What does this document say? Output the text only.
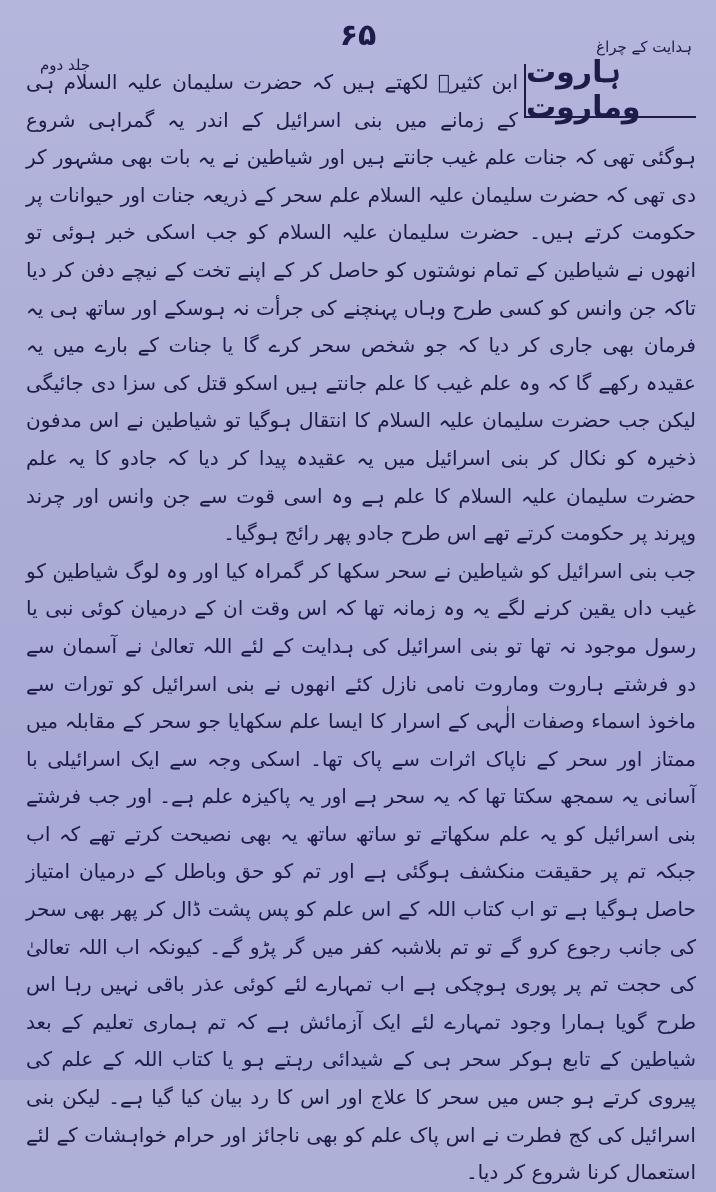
۶۵	ہدایت کے چراغ
جلد دوم	ہاروت وماروت

ابن کثیرؒ لکھتے ہیں کہ حضرت سلیمان علیہ السلام ہی کے زمانے میں بنی اسرائیل کے اندر یہ گمراہی شروع ہوگئی تھی کہ جنات علم غیب جانتے ہیں اور شیاطین نے یہ بات بھی مشہور کر دی تھی کہ حضرت سلیمان علیہ السلام علم سحر کے ذریعہ جنات اور حیوانات پر حکومت کرتے ہیں۔ حضرت سلیمان علیہ السلام کو جب اسکی خبر ہوئی تو انھوں نے شیاطین کے تمام نوشتوں کو حاصل کر کے اپنے تخت کے نیچے دفن کر دیا تاکہ جن وانس کو کسی طرح وہاں پہنچنے کی جرأت نہ ہوسکے اور ساتھ ہی یہ فرمان بھی جاری کر دیا کہ جو شخص سحر کرے گا یا جنات کے بارے میں یہ عقیدہ رکھے گا کہ وہ علم غیب کا علم جانتے ہیں اسکو قتل کی سزا دی جائیگی لیکن جب حضرت سلیمان علیہ السلام کا انتقال ہوگیا تو شیاطین نے اس مدفون ذخیرہ کو نکال کر بنی اسرائیل میں یہ عقیدہ پیدا کر دیا کہ جادو کا یہ علم حضرت سلیمان علیہ السلام کا علم ہے وہ اسی قوت سے جن وانس اور چرند وپرند پر حکومت کرتے تھے اس طرح جادو پھر رائج ہوگیا۔

جب بنی اسرائیل کو شیاطین نے سحر سکھا کر گمراہ کیا اور وہ لوگ شیاطین کو غیب داں یقین کرنے لگے یہ وہ زمانہ تھا کہ اس وقت ان کے درمیان کوئی نبی یا رسول موجود نہ تھا تو بنی اسرائیل کی ہدایت کے لئے اللہ تعالیٰ نے آسمان سے دو فرشتے ہاروت وماروت نامی نازل کئے انھوں نے بنی اسرائیل کو تورات سے ماخوذ اسماء وصفات الٰہی کے اسرار کا ایسا علم سکھایا جو سحر کے مقابلہ میں ممتاز اور سحر کے ناپاک اثرات سے پاک تھا۔ اسکی وجہ سے ایک اسرائیلی با آسانی یہ سمجھ سکتا تھا کہ یہ سحر ہے اور یہ پاکیزہ علم ہے۔ اور جب فرشتے بنی اسرائیل کو یہ علم سکھاتے تو ساتھ ساتھ یہ بھی نصیحت کرتے تھے کہ اب جبکہ تم پر حقیقت منکشف ہوگئی ہے اور تم کو حق وباطل کے درمیان امتیاز حاصل ہوگیا ہے تو اب کتاب اللہ کے اس علم کو پس پشت ڈال کر پھر بھی سحر کی جانب رجوع کرو گے تو تم بلاشبہ کفر میں گر پڑو گے۔ کیونکہ اب اللہ تعالیٰ کی حجت تم پر پوری ہوچکی ہے اب تمہارے لئے کوئی عذر باقی نہیں رہا اس طرح گویا ہمارا وجود تمہارے لئے ایک آزمائش ہے کہ تم ہماری تعلیم کے بعد شیاطین کے تابع ہوکر سحر ہی کے شیدائی رہتے ہو یا کتاب اللہ کے علم کی پیروی کرتے ہو جس میں سحر کا علاج اور اس کا رد بیان کیا گیا ہے۔ لیکن بنی اسرائیل کی کج فطرت نے اس پاک علم کو بھی ناجائز اور حرام خواہشات کے لئے استعمال کرنا شروع کر دیا۔
